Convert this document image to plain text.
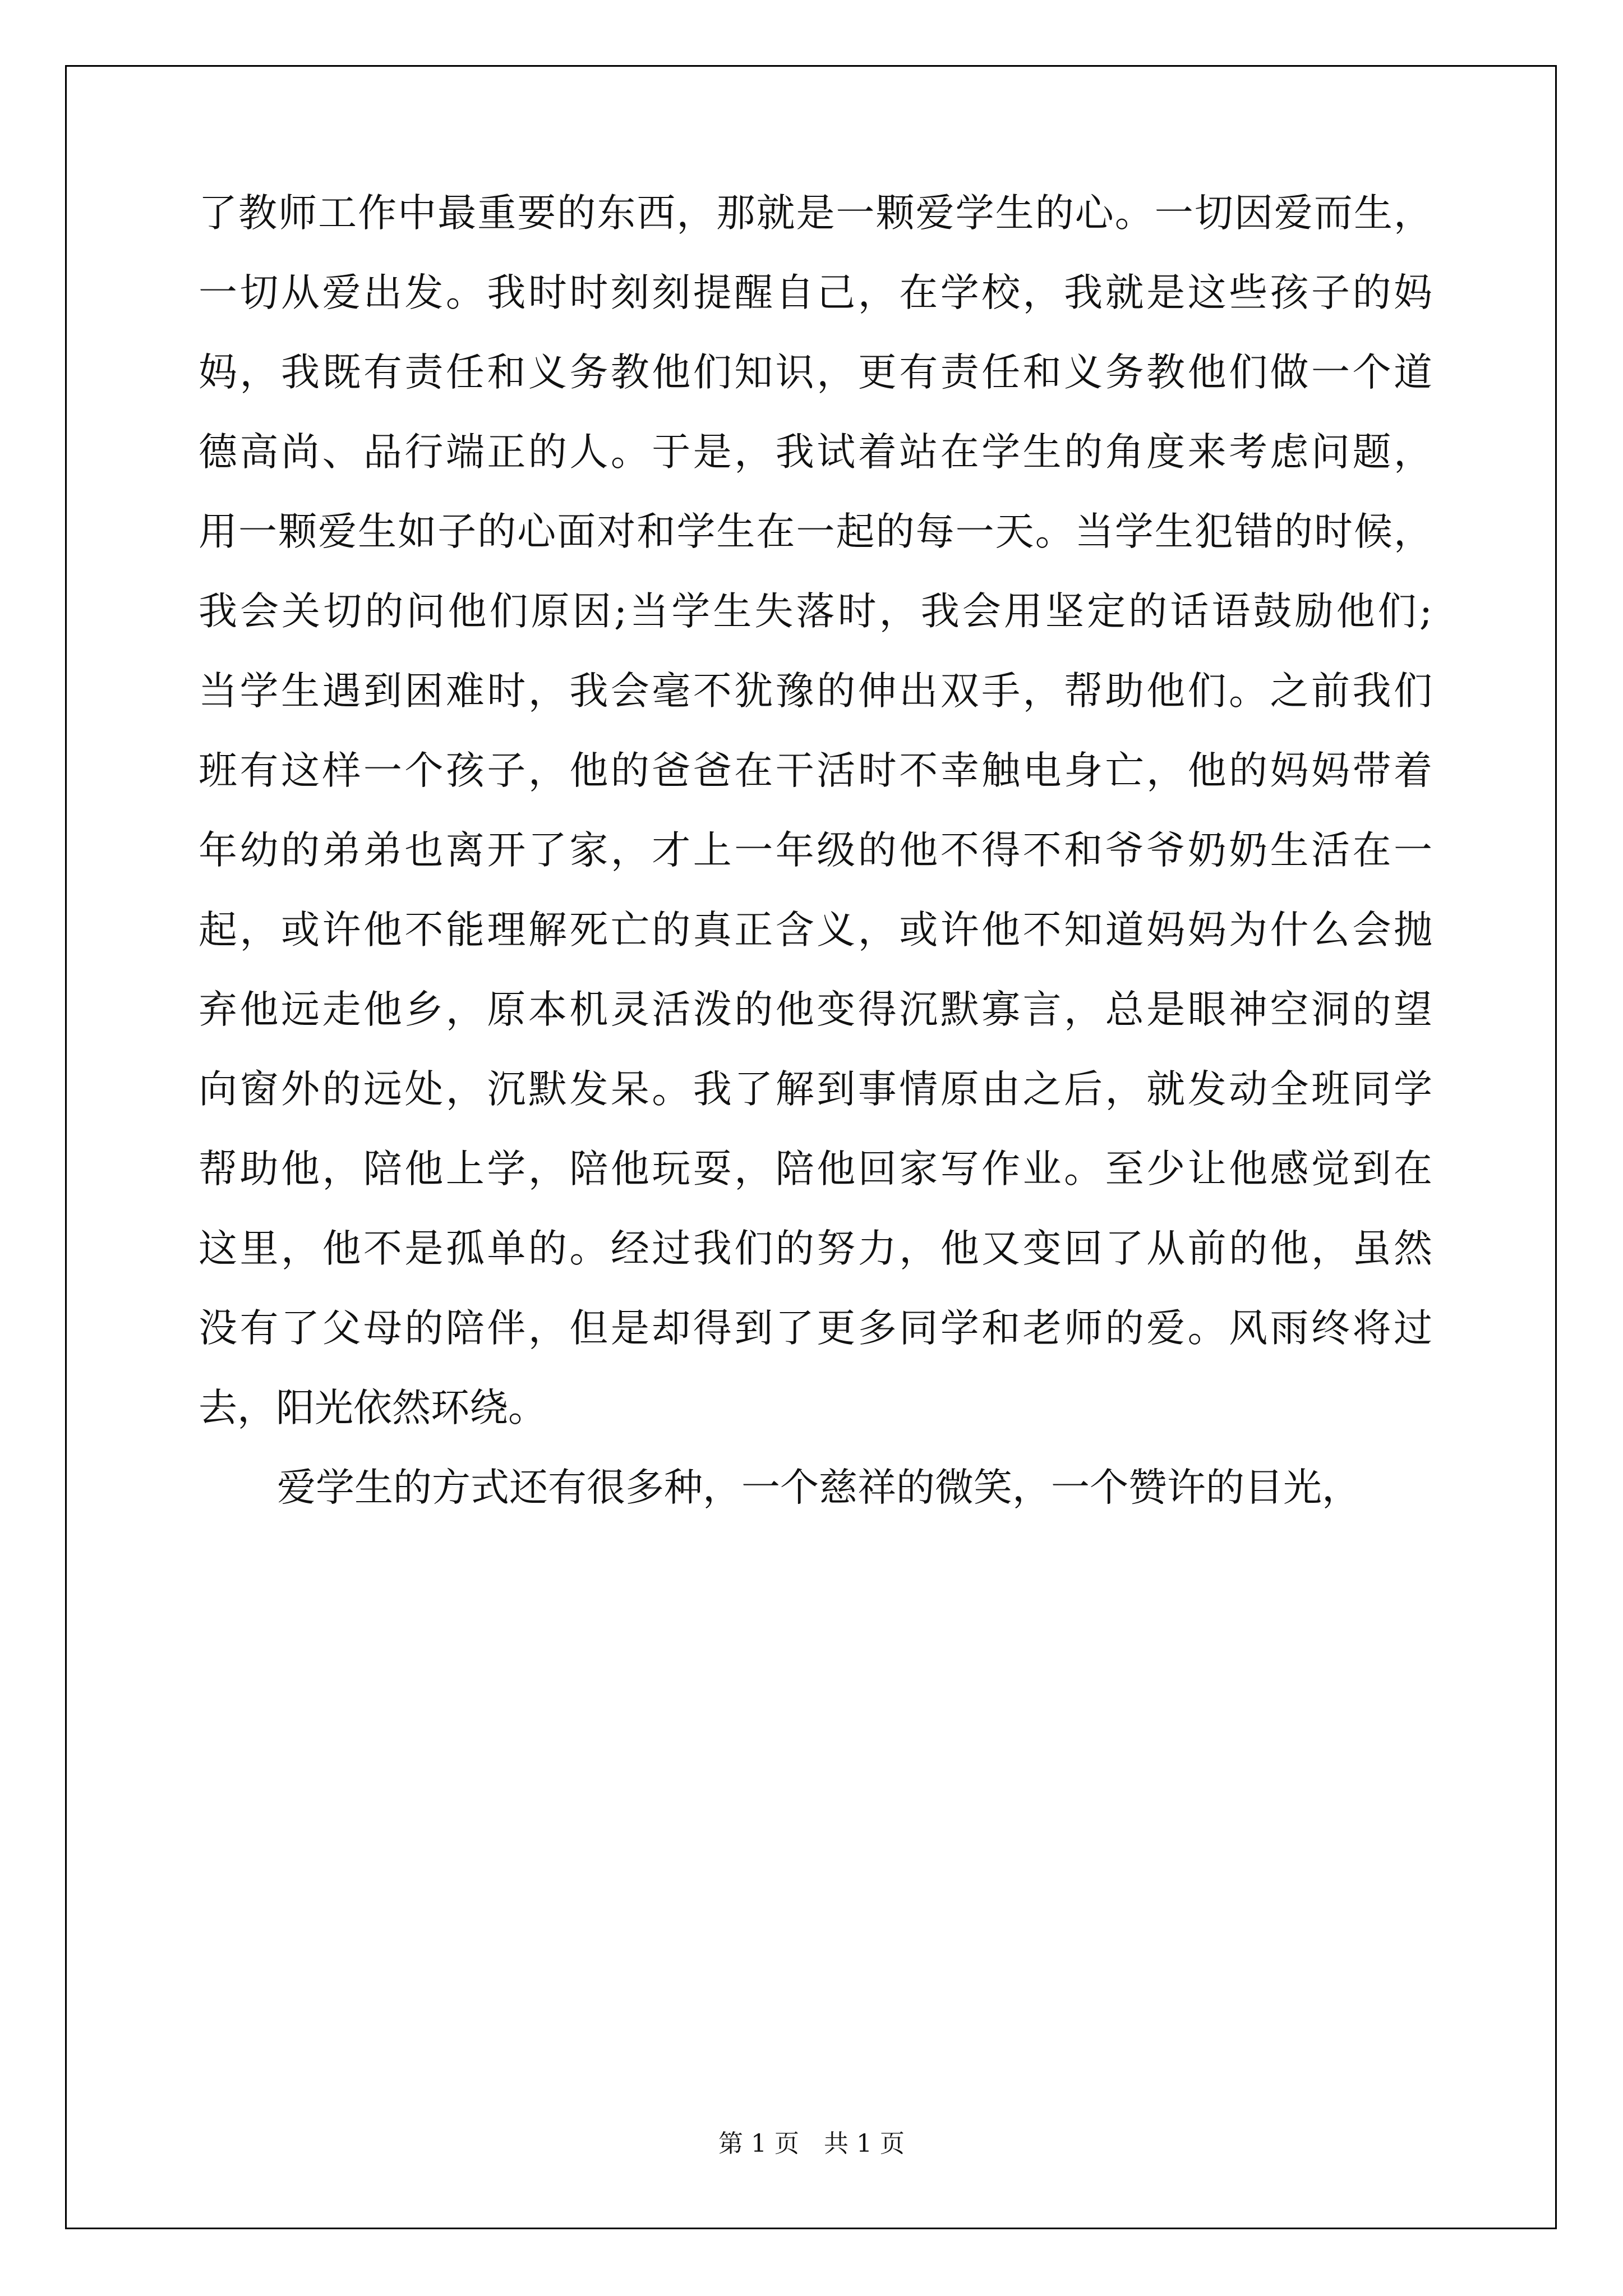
了教师工作中最重要的东西，那就是一颗爱学生的心。一切因爱而生，
一切从爱出发。我时时刻刻提醒自己，在学校，我就是这些孩子的妈
妈，我既有责任和义务教他们知识，更有责任和义务教他们做一个道
德高尚、品行端正的人。于是，我试着站在学生的角度来考虑问题，
用一颗爱生如子的心面对和学生在一起的每一天。当学生犯错的时候，
我会关切的问他们原因;当学生失落时，我会用坚定的话语鼓励他们;
当学生遇到困难时，我会毫不犹豫的伸出双手，帮助他们。之前我们
班有这样一个孩子，他的爸爸在干活时不幸触电身亡，他的妈妈带着
年幼的弟弟也离开了家，才上一年级的他不得不和爷爷奶奶生活在一
起，或许他不能理解死亡的真正含义，或许他不知道妈妈为什么会抛
弃他远走他乡，原本机灵活泼的他变得沉默寡言，总是眼神空洞的望
向窗外的远处，沉默发呆。我了解到事情原由之后，就发动全班同学
帮助他，陪他上学，陪他玩耍，陪他回家写作业。至少让他感觉到在
这里，他不是孤单的。经过我们的努力，他又变回了从前的他，虽然
没有了父母的陪伴，但是却得到了更多同学和老师的爱。风雨终将过
去，阳光依然环绕。
爱学生的方式还有很多种，一个慈祥的微笑，一个赞许的目光，
第 1 页　共 1 页
